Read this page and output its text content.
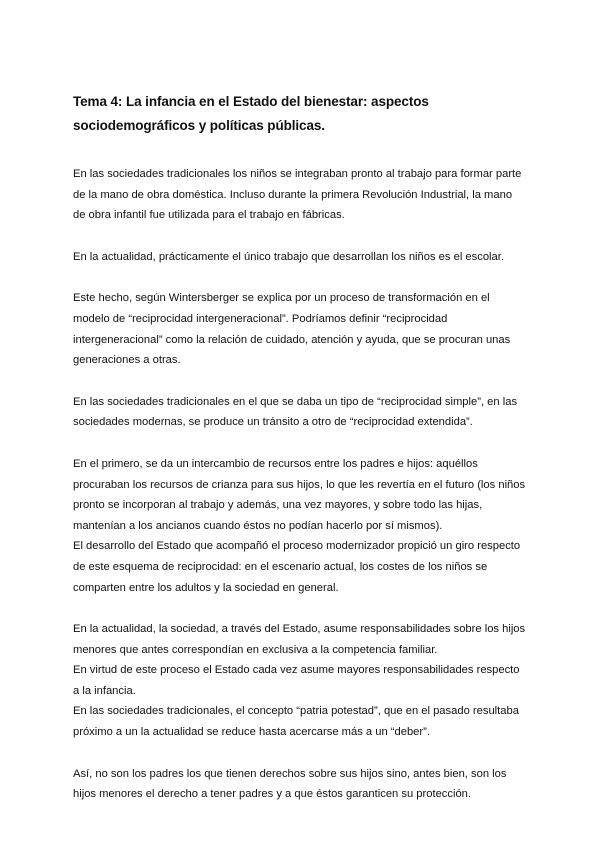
Tema 4: La infancia en el Estado del bienestar: aspectos sociodemográficos y políticas públicas.

En las sociedades tradicionales los niños se integraban pronto al trabajo para formar parte de la mano de obra doméstica. Incluso durante la primera Revolución Industrial, la mano de obra infantil fue utilizada para el trabajo en fábricas.

En la actualidad, prácticamente el único trabajo que desarrollan los niños es el escolar.

Este hecho, según Wintersberger se explica por un proceso de transformación en el modelo de “reciprocidad intergeneracional”. Podríamos definir “reciprocidad intergeneracional” como la relación de cuidado, atención y ayuda, que se procuran unas generaciones a otras.

En las sociedades tradicionales en el que se daba un tipo de “reciprocidad simple”, en las sociedades modernas, se produce un tránsito a otro de “reciprocidad extendida”.

En el primero, se da un intercambio de recursos entre los padres e hijos: aquéllos procuraban los recursos de crianza para sus hijos, lo que les revertía en el futuro (los niños pronto se incorporan al trabajo y además, una vez mayores, y sobre todo las hijas, mantenían a los ancianos cuando éstos no podían hacerlo por sí mismos).

El desarrollo del Estado que acompañó el proceso modernizador propició un giro respecto de este esquema de reciprocidad: en el escenario actual, los costes de los niños se comparten entre los adultos y la sociedad en general.

En la actualidad, la sociedad, a través del Estado, asume responsabilidades sobre los hijos menores que antes correspondían en exclusiva a la competencia familiar.

En virtud de este proceso el Estado cada vez asume mayores responsabilidades respecto a la infancia.

En las sociedades tradicionales, el concepto “patria potestad”, que en el pasado resultaba próximo a un la actualidad se reduce hasta acercarse más a un “deber”.

Así, no son los padres los que tienen derechos sobre sus hijos sino, antes bien, son los hijos menores el derecho a tener padres y a que éstos garanticen su protección.
